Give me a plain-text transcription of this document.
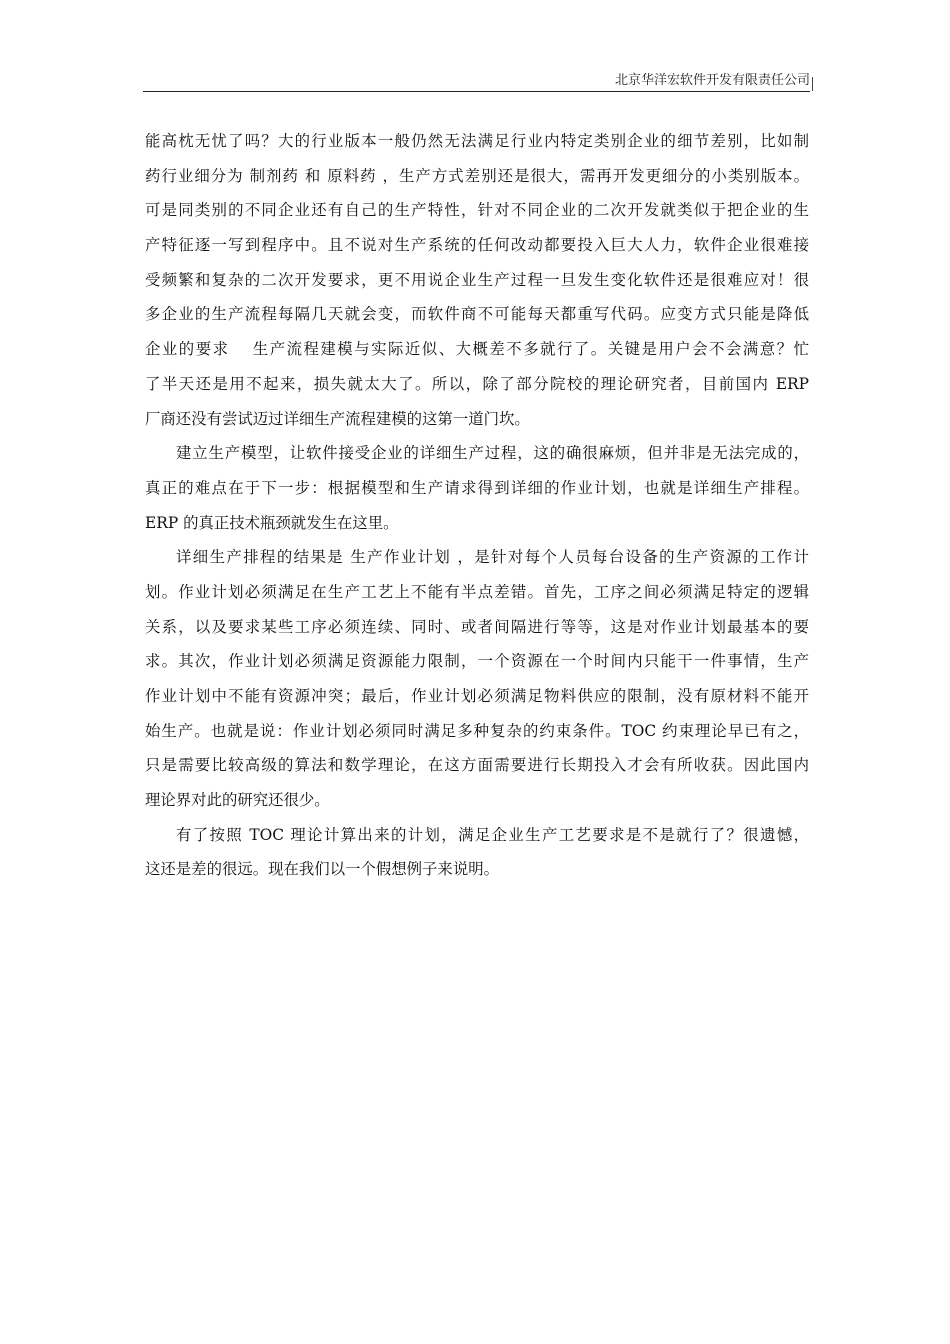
北京华洋宏软件开发有限责任公司
能高枕无忧了吗？大的行业版本一般仍然无法满足行业内特定类别企业的细节差别，比如制
药行业细分为 制剂药 和 原料药 ，生产方式差别还是很大，需再开发更细分的小类别版本。
可是同类别的不同企业还有自己的生产特性，针对不同企业的二次开发就类似于把企业的生
产特征逐一写到程序中。且不说对生产系统的任何改动都要投入巨大人力，软件企业很难接
受频繁和复杂的二次开发要求，更不用说企业生产过程一旦发生变化软件还是很难应对！很
多企业的生产流程每隔几天就会变，而软件商不可能每天都重写代码。应变方式只能是降低
企业的要求　 生产流程建模与实际近似、大概差不多就行了。关键是用户会不会满意？忙
了半天还是用不起来，损失就太大了。所以，除了部分院校的理论研究者，目前国内 ERP
厂商还没有尝试迈过详细生产流程建模的这第一道门坎。
建立生产模型，让软件接受企业的详细生产过程，这的确很麻烦，但并非是无法完成的，
真正的难点在于下一步：根据模型和生产请求得到详细的作业计划，也就是详细生产排程。
ERP 的真正技术瓶颈就发生在这里。
详细生产排程的结果是 生产作业计划 ，是针对每个人员每台设备的生产资源的工作计
划。作业计划必须满足在生产工艺上不能有半点差错。首先，工序之间必须满足特定的逻辑
关系，以及要求某些工序必须连续、同时、或者间隔进行等等，这是对作业计划最基本的要
求。其次，作业计划必须满足资源能力限制，一个资源在一个时间内只能干一件事情，生产
作业计划中不能有资源冲突；最后，作业计划必须满足物料供应的限制，没有原材料不能开
始生产。也就是说：作业计划必须同时满足多种复杂的约束条件。TOC 约束理论早已有之，
只是需要比较高级的算法和数学理论，在这方面需要进行长期投入才会有所收获。因此国内
理论界对此的研究还很少。
有了按照 TOC 理论计算出来的计划，满足企业生产工艺要求是不是就行了？很遗憾，
这还是差的很远。现在我们以一个假想例子来说明。
